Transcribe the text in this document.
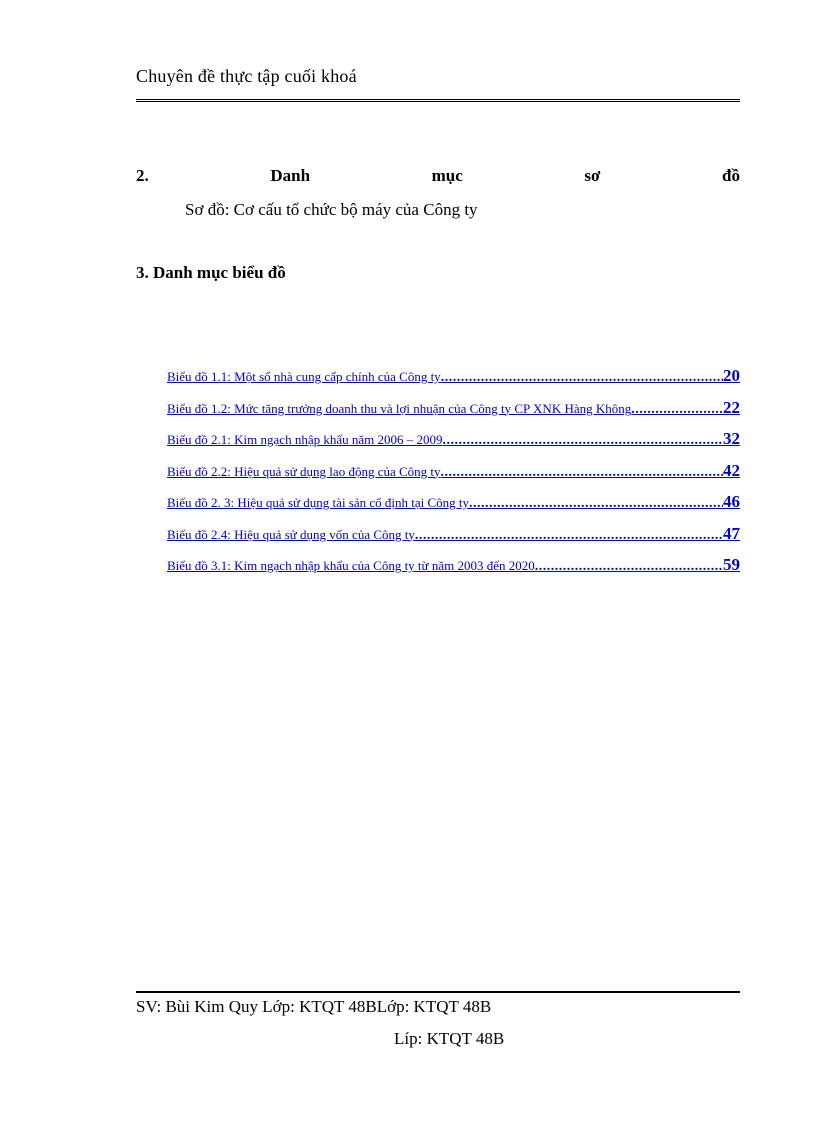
Chuyên đề thực tập cuối khoá
2.	Danh	mục	sơ	đồ
Sơ đồ: Cơ cấu tổ chức bộ máy của Công ty
3. Danh mục biểu đồ
Biểu đồ 1.1: Một số nhà cung cấp chính của Công ty .....	20
Biểu đồ 1.2: Mức tăng trưởng doanh thu và lợi nhuận của Công ty CP XNK Hàng Không .....	22
Biểu đồ 2.1: Kim ngạch nhập khẩu năm 2006 – 2009 .....	32
Biểu đồ 2.2: Hiệu quả sử dụng lao động của Công ty .....	42
Biểu đồ 2. 3: Hiệu quả sử dụng tài sản cố định tại Công ty .....	46
Biểu đồ 2.4: Hiệu quả sử dụng vốn của Công ty .....	47
Biểu đồ 3.1: Kim ngạch nhập khẩu của Công ty từ năm 2003 đến 2020 .....	59
SV: Bùi Kim Quy Lớp: KTQT 48BLớp: KTQT 48B
Líp: KTQT 48B
